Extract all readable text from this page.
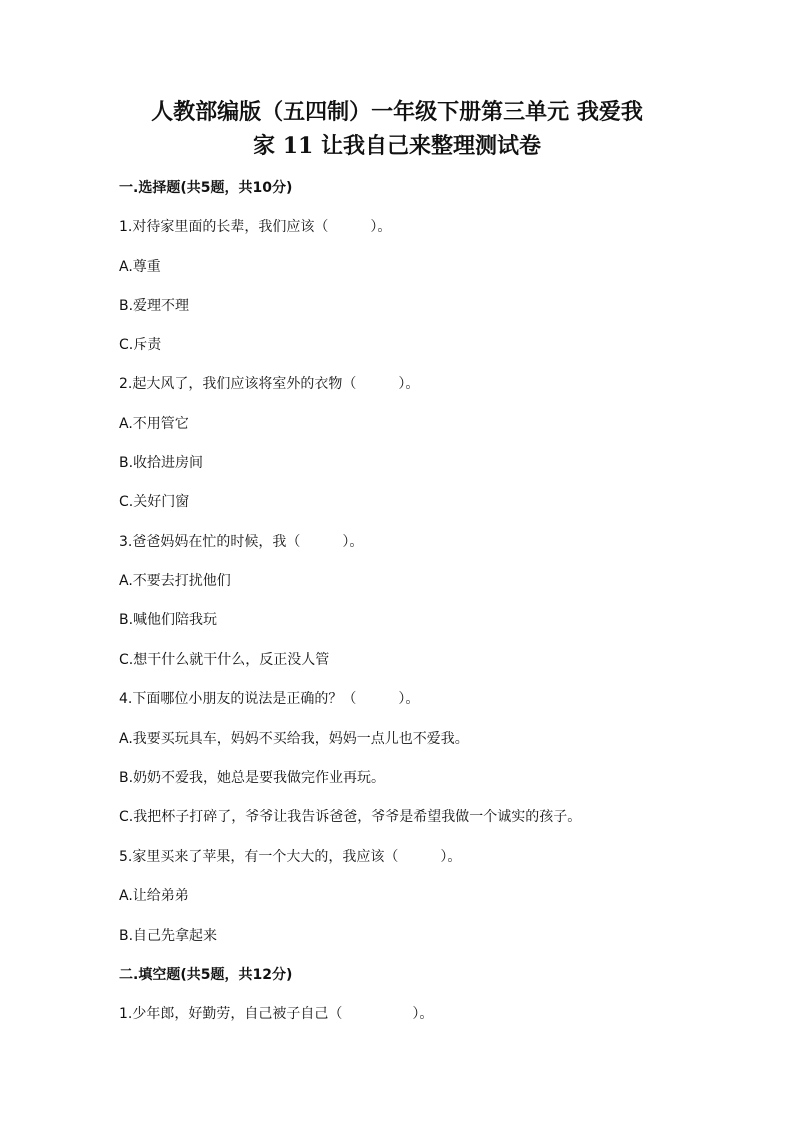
人教部编版（五四制）一年级下册第三单元 我爱我
家 11 让我自己来整理测试卷
一.选择题(共5题，共10分)
1.对待家里面的长辈，我们应该（　　　）。
A.尊重
B.爱理不理
C.斥责
2.起大风了，我们应该将室外的衣物（　　　）。
A.不用管它
B.收拾进房间
C.关好门窗
3.爸爸妈妈在忙的时候，我（　　　）。
A.不要去打扰他们
B.喊他们陪我玩
C.想干什么就干什么，反正没人管
4.下面哪位小朋友的说法是正确的？（　　　）。
A.我要买玩具车，妈妈不买给我，妈妈一点儿也不爱我。
B.奶奶不爱我，她总是要我做完作业再玩。
C.我把杯子打碎了，爷爷让我告诉爸爸，爷爷是希望我做一个诚实的孩子。
5.家里买来了苹果，有一个大大的，我应该（　　　）。
A.让给弟弟
B.自己先拿起来
二.填空题(共5题，共12分)
1.少年郎，好勤劳，自己被子自己（　　　　　）。
